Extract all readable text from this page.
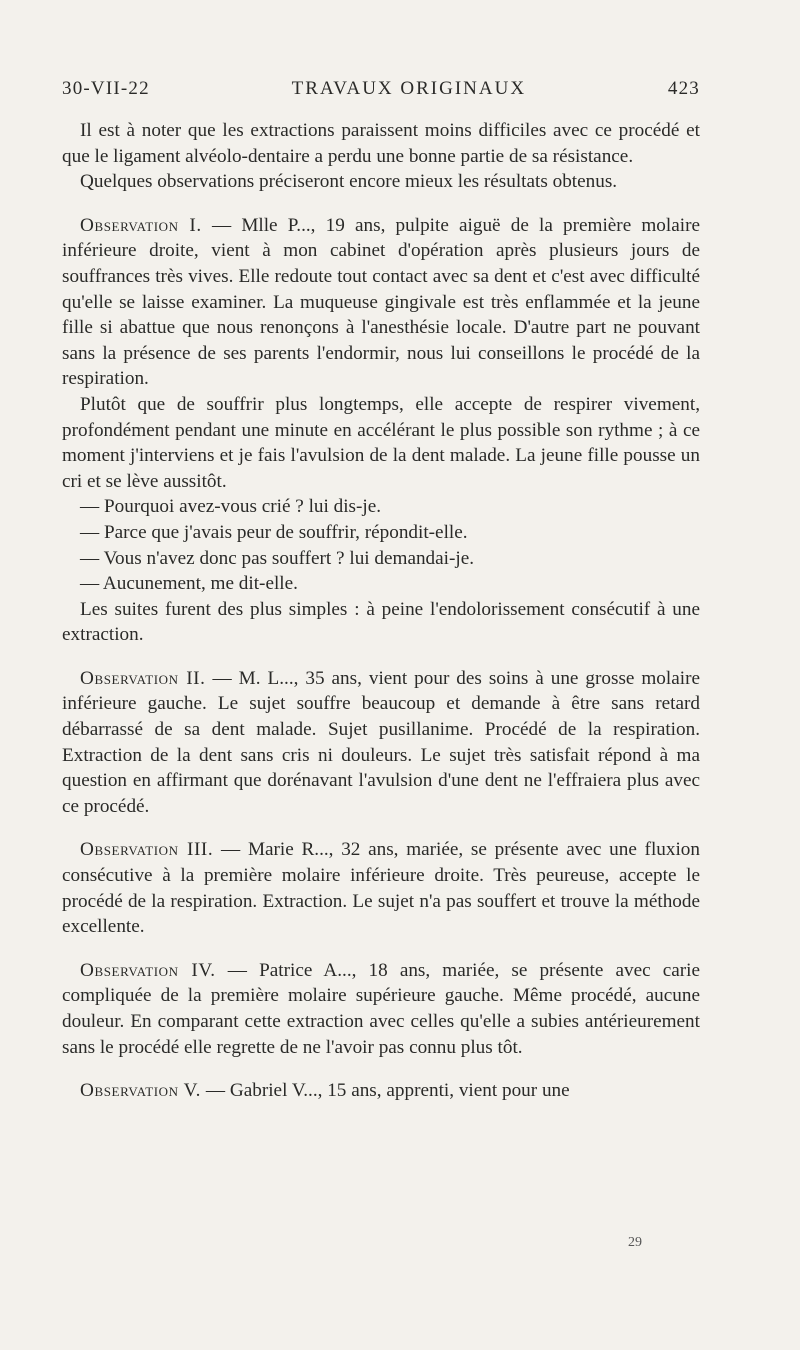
30-VII-22	TRAVAUX ORIGINAUX	423

Il est à noter que les extractions paraissent moins difficiles avec ce procédé et que le ligament alvéolo-dentaire a perdu une bonne partie de sa résistance.

Quelques observations préciseront encore mieux les résultats obtenus.

Observation I. — Mlle P..., 19 ans, pulpite aiguë de la première molaire inférieure droite, vient à mon cabinet d'opération après plusieurs jours de souffrances très vives. Elle redoute tout contact avec sa dent et c'est avec difficulté qu'elle se laisse examiner. La muqueuse gingivale est très enflammée et la jeune fille si abattue que nous renonçons à l'anesthésie locale. D'autre part ne pouvant sans la présence de ses parents l'endormir, nous lui conseillons le procédé de la respiration.

Plutôt que de souffrir plus longtemps, elle accepte de respirer vivement, profondément pendant une minute en accélérant le plus possible son rythme ; à ce moment j'interviens et je fais l'avulsion de la dent malade. La jeune fille pousse un cri et se lève aussitôt.

— Pourquoi avez-vous crié ? lui dis-je.

— Parce que j'avais peur de souffrir, répondit-elle.

— Vous n'avez donc pas souffert ? lui demandai-je.

— Aucunement, me dit-elle.

Les suites furent des plus simples : à peine l'endolorissement consécutif à une extraction.

Observation II. — M. L..., 35 ans, vient pour des soins à une grosse molaire inférieure gauche. Le sujet souffre beaucoup et demande à être sans retard débarrassé de sa dent malade. Sujet pusillanime. Procédé de la respiration. Extraction de la dent sans cris ni douleurs. Le sujet très satisfait répond à ma question en affirmant que dorénavant l'avulsion d'une dent ne l'effraiera plus avec ce procédé.

Observation III. — Marie R..., 32 ans, mariée, se présente avec une fluxion consécutive à la première molaire inférieure droite. Très peureuse, accepte le procédé de la respiration. Extraction. Le sujet n'a pas souffert et trouve la méthode excellente.

Observation IV. — Patrice A..., 18 ans, mariée, se présente avec carie compliquée de la première molaire supérieure gauche. Même procédé, aucune douleur. En comparant cette extraction avec celles qu'elle a subies antérieurement sans le procédé elle regrette de ne l'avoir pas connu plus tôt.

Observation V. — Gabriel V..., 15 ans, apprenti, vient pour une

29
